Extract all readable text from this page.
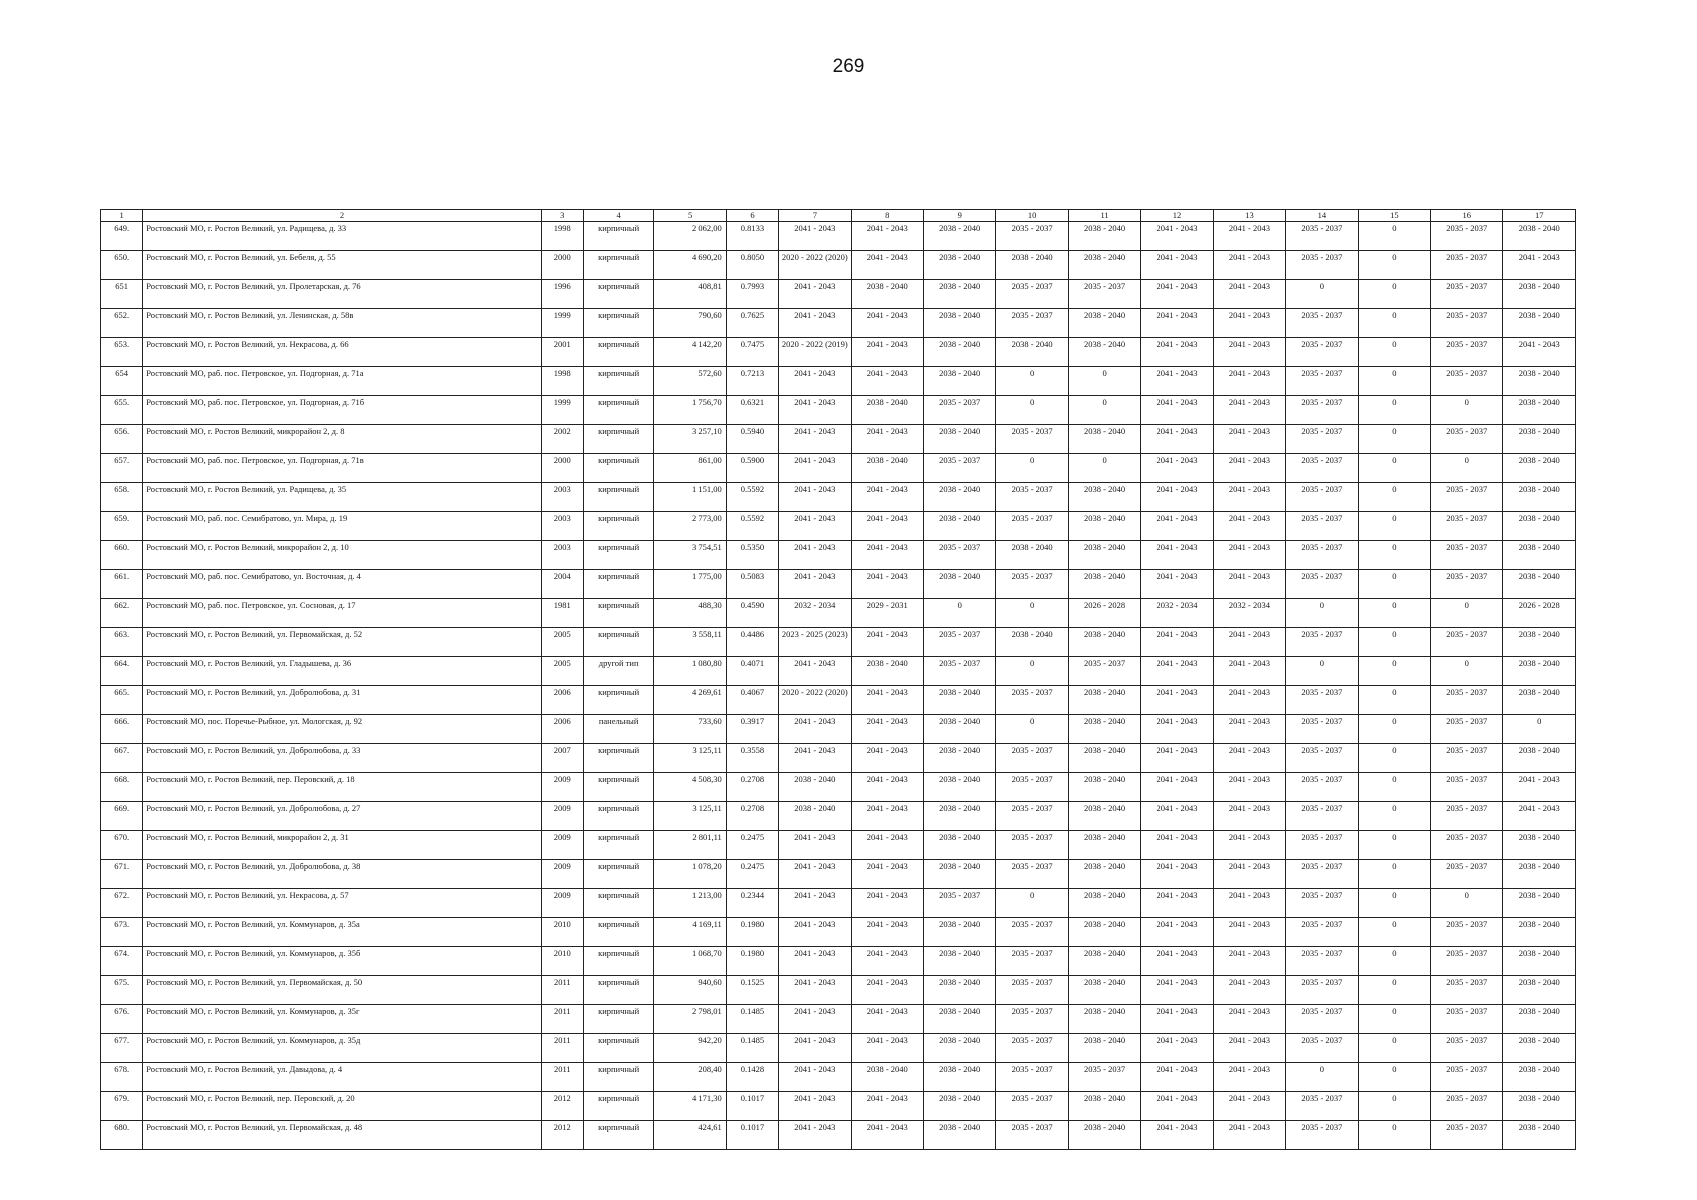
269
1	2	3	4	5	6	7	8	9	10	11	12	13	14	15	16	17
649.	Ростовский МО, г. Ростов Великий, ул. Радищева, д. 33	1998	кирпичный	2 062,00	0.8133	2041 - 2043	2041 - 2043	2038 - 2040	2035 - 2037	2038 - 2040	2041 - 2043	2041 - 2043	2035 - 2037	0	2035 - 2037	2038 - 2040
650.	Ростовский МО, г. Ростов Великий, ул. Бебеля, д. 55	2000	кирпичный	4 690,20	0.8050	2020 - 2022 (2020)	2041 - 2043	2038 - 2040	2038 - 2040	2038 - 2040	2041 - 2043	2041 - 2043	2035 - 2037	0	2035 - 2037	2041 - 2043
651	Ростовский МО, г. Ростов Великий, ул. Пролетарская, д. 76	1996	кирпичный	408,81	0.7993	2041 - 2043	2038 - 2040	2038 - 2040	2035 - 2037	2035 - 2037	2041 - 2043	2041 - 2043	0	0	2035 - 2037	2038 - 2040
652.	Ростовский МО, г. Ростов Великий, ул. Ленинская, д. 58в	1999	кирпичный	790,60	0.7625	2041 - 2043	2041 - 2043	2038 - 2040	2035 - 2037	2038 - 2040	2041 - 2043	2041 - 2043	2035 - 2037	0	2035 - 2037	2038 - 2040
653.	Ростовский МО, г. Ростов Великий, ул. Некрасова, д. 66	2001	кирпичный	4 142,20	0.7475	2020 - 2022 (2019)	2041 - 2043	2038 - 2040	2038 - 2040	2038 - 2040	2041 - 2043	2041 - 2043	2035 - 2037	0	2035 - 2037	2041 - 2043
654	Ростовский МО, раб. пос. Петровское, ул. Подгорная, д. 71а	1998	кирпичный	572,60	0.7213	2041 - 2043	2041 - 2043	2038 - 2040	0	0	2041 - 2043	2041 - 2043	2035 - 2037	0	2035 - 2037	2038 - 2040
655.	Ростовский МО, раб. пос. Петровское, ул. Подгорная, д. 71б	1999	кирпичный	1 756,70	0.6321	2041 - 2043	2038 - 2040	2035 - 2037	0	0	2041 - 2043	2041 - 2043	2035 - 2037	0	0	2038 - 2040
656.	Ростовский МО, г. Ростов Великий, микрорайон 2, д. 8	2002	кирпичный	3 257,10	0.5940	2041 - 2043	2041 - 2043	2038 - 2040	2035 - 2037	2038 - 2040	2041 - 2043	2041 - 2043	2035 - 2037	0	2035 - 2037	2038 - 2040
657.	Ростовский МО, раб. пос. Петровское, ул. Подгорная, д. 71в	2000	кирпичный	861,00	0.5900	2041 - 2043	2038 - 2040	2035 - 2037	0	0	2041 - 2043	2041 - 2043	2035 - 2037	0	0	2038 - 2040
658.	Ростовский МО, г. Ростов Великий, ул. Радищева, д. 35	2003	кирпичный	1 151,00	0.5592	2041 - 2043	2041 - 2043	2038 - 2040	2035 - 2037	2038 - 2040	2041 - 2043	2041 - 2043	2035 - 2037	0	2035 - 2037	2038 - 2040
659.	Ростовский МО, раб. пос. Семибратово, ул. Мира, д. 19	2003	кирпичный	2 773,00	0.5592	2041 - 2043	2041 - 2043	2038 - 2040	2035 - 2037	2038 - 2040	2041 - 2043	2041 - 2043	2035 - 2037	0	2035 - 2037	2038 - 2040
660.	Ростовский МО, г. Ростов Великий, микрорайон 2, д. 10	2003	кирпичный	3 754,51	0.5350	2041 - 2043	2041 - 2043	2035 - 2037	2038 - 2040	2038 - 2040	2041 - 2043	2041 - 2043	2035 - 2037	0	2035 - 2037	2038 - 2040
661.	Ростовский МО, раб. пос. Семибратово, ул. Восточная, д. 4	2004	кирпичный	1 775,00	0.5083	2041 - 2043	2041 - 2043	2038 - 2040	2035 - 2037	2038 - 2040	2041 - 2043	2041 - 2043	2035 - 2037	0	2035 - 2037	2038 - 2040
662.	Ростовский МО, раб. пос. Петровское, ул. Сосновая, д. 17	1981	кирпичный	488,30	0.4590	2032 - 2034	2029 - 2031	0	0	2026 - 2028	2032 - 2034	2032 - 2034	0	0	0	2026 - 2028
663.	Ростовский МО, г. Ростов Великий, ул. Первомайская, д. 52	2005	кирпичный	3 558,11	0.4486	2023 - 2025 (2023)	2041 - 2043	2035 - 2037	2038 - 2040	2038 - 2040	2041 - 2043	2041 - 2043	2035 - 2037	0	2035 - 2037	2038 - 2040
664.	Ростовский МО, г. Ростов Великий, ул. Гладышева, д. 36	2005	другой тип	1 080,80	0.4071	2041 - 2043	2038 - 2040	2035 - 2037	0	2035 - 2037	2041 - 2043	2041 - 2043	0	0	0	2038 - 2040
665.	Ростовский МО, г. Ростов Великий, ул. Добролюбова, д. 31	2006	кирпичный	4 269,61	0.4067	2020 - 2022 (2020)	2041 - 2043	2038 - 2040	2035 - 2037	2038 - 2040	2041 - 2043	2041 - 2043	2035 - 2037	0	2035 - 2037	2038 - 2040
666.	Ростовский МО, пос. Поречье-Рыбное, ул. Мологская, д. 92	2006	панельный	733,60	0.3917	2041 - 2043	2041 - 2043	2038 - 2040	0	2038 - 2040	2041 - 2043	2041 - 2043	2035 - 2037	0	2035 - 2037	0
667.	Ростовский МО, г. Ростов Великий, ул. Добролюбова, д. 33	2007	кирпичный	3 125,11	0.3558	2041 - 2043	2041 - 2043	2038 - 2040	2035 - 2037	2038 - 2040	2041 - 2043	2041 - 2043	2035 - 2037	0	2035 - 2037	2038 - 2040
668.	Ростовский МО, г. Ростов Великий, пер. Перовский, д. 18	2009	кирпичный	4 508,30	0.2708	2038 - 2040	2041 - 2043	2038 - 2040	2035 - 2037	2038 - 2040	2041 - 2043	2041 - 2043	2035 - 2037	0	2035 - 2037	2041 - 2043
669.	Ростовский МО, г. Ростов Великий, ул. Добролюбова, д. 27	2009	кирпичный	3 125,11	0.2708	2038 - 2040	2041 - 2043	2038 - 2040	2035 - 2037	2038 - 2040	2041 - 2043	2041 - 2043	2035 - 2037	0	2035 - 2037	2041 - 2043
670.	Ростовский МО, г. Ростов Великий, микрорайон 2, д. 31	2009	кирпичный	2 801,11	0.2475	2041 - 2043	2041 - 2043	2038 - 2040	2035 - 2037	2038 - 2040	2041 - 2043	2041 - 2043	2035 - 2037	0	2035 - 2037	2038 - 2040
671.	Ростовский МО, г. Ростов Великий, ул. Добролюбова, д. 38	2009	кирпичный	1 078,20	0.2475	2041 - 2043	2041 - 2043	2038 - 2040	2035 - 2037	2038 - 2040	2041 - 2043	2041 - 2043	2035 - 2037	0	2035 - 2037	2038 - 2040
672.	Ростовский МО, г. Ростов Великий, ул. Некрасова, д. 57	2009	кирпичный	1 213,00	0.2344	2041 - 2043	2041 - 2043	2035 - 2037	0	2038 - 2040	2041 - 2043	2041 - 2043	2035 - 2037	0	0	2038 - 2040
673.	Ростовский МО, г. Ростов Великий, ул. Коммунаров, д. 35а	2010	кирпичный	4 169,11	0.1980	2041 - 2043	2041 - 2043	2038 - 2040	2035 - 2037	2038 - 2040	2041 - 2043	2041 - 2043	2035 - 2037	0	2035 - 2037	2038 - 2040
674.	Ростовский МО, г. Ростов Великий, ул. Коммунаров, д. 35б	2010	кирпичный	1 068,70	0.1980	2041 - 2043	2041 - 2043	2038 - 2040	2035 - 2037	2038 - 2040	2041 - 2043	2041 - 2043	2035 - 2037	0	2035 - 2037	2038 - 2040
675.	Ростовский МО, г. Ростов Великий, ул. Первомайская, д. 50	2011	кирпичный	940,60	0.1525	2041 - 2043	2041 - 2043	2038 - 2040	2035 - 2037	2038 - 2040	2041 - 2043	2041 - 2043	2035 - 2037	0	2035 - 2037	2038 - 2040
676.	Ростовский МО, г. Ростов Великий, ул. Коммунаров, д. 35г	2011	кирпичный	2 798,01	0.1485	2041 - 2043	2041 - 2043	2038 - 2040	2035 - 2037	2038 - 2040	2041 - 2043	2041 - 2043	2035 - 2037	0	2035 - 2037	2038 - 2040
677.	Ростовский МО, г. Ростов Великий, ул. Коммунаров, д. 35д	2011	кирпичный	942,20	0.1485	2041 - 2043	2041 - 2043	2038 - 2040	2035 - 2037	2038 - 2040	2041 - 2043	2041 - 2043	2035 - 2037	0	2035 - 2037	2038 - 2040
678.	Ростовский МО, г. Ростов Великий, ул. Давыдова, д. 4	2011	кирпичный	208,40	0.1428	2041 - 2043	2038 - 2040	2038 - 2040	2035 - 2037	2035 - 2037	2041 - 2043	2041 - 2043	0	0	2035 - 2037	2038 - 2040
679.	Ростовский МО, г. Ростов Великий, пер. Перовский, д. 20	2012	кирпичный	4 171,30	0.1017	2041 - 2043	2041 - 2043	2038 - 2040	2035 - 2037	2038 - 2040	2041 - 2043	2041 - 2043	2035 - 2037	0	2035 - 2037	2038 - 2040
680.	Ростовский МО, г. Ростов Великий, ул. Первомайская, д. 48	2012	кирпичный	424,61	0.1017	2041 - 2043	2041 - 2043	2038 - 2040	2035 - 2037	2038 - 2040	2041 - 2043	2041 - 2043	2035 - 2037	0	2035 - 2037	2038 - 2040
